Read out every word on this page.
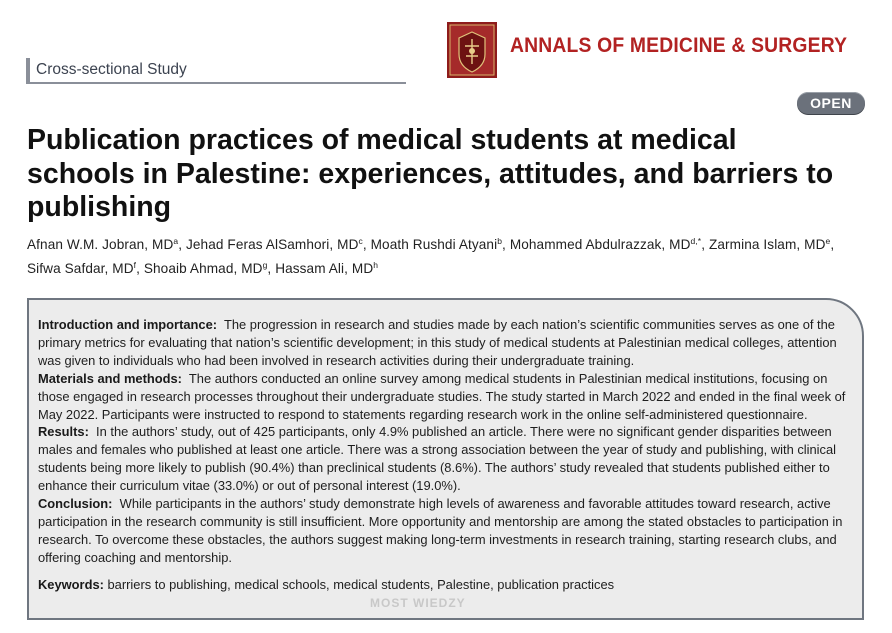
Cross-sectional Study
ANNALS OF MEDICINE & SURGERY
OPEN
Publication practices of medical students at medical schools in Palestine: experiences, attitudes, and barriers to publishing
Afnan W.M. Jobran, $MD^a$, Jehad Feras AlSamhori, $MD^c$, Moath Rushdi Atyani$^b$, Mohammed Abdulrazzak, $MD^{d,*}$, Zarmina Islam, MDe, Sifwa Safdar, $MD^f$, Shoaib Ahmad, $MD^g$, Hassam Ali, $MD^h$

Introduction and importance: The progression in research and studies made by each nation’s scientific communities serves as one of the primary metrics for evaluating that nation’s scientific development; in this study of medical students at Palestinian medical colleges, attention was given to individuals who had been involved in research activities during their undergraduate training.

Materials and methods: The authors conducted an online survey among medical students in Palestinian medical institutions, focusing on those engaged in research processes throughout their undergraduate studies. The study started in March 2022 and ended in the final week of May 2022. Participants were instructed to respond to statements regarding research work in the online self-administered questionnaire.

Results: In the authors’ study, out of 425 participants, only 4.9% published an article. There were no significant gender disparities between males and females who published at least one article. There was a strong association between the year of study and publishing, with clinical students being more likely to publish (90.4%) than preclinical students (8.6%). The authors’ study revealed that students published either to enhance their curriculum vitae (33.0%) or out of personal interest (19.0%).

Conclusion: While participants in the authors’ study demonstrate high levels of awareness and favorable attitudes toward research, active participation in the research community is still insufficient. More opportunity and mentorship are among the stated obstacles to participation in research. To overcome these obstacles, the authors suggest making long-term investments in research training, starting research clubs, and offering coaching and mentorship.

Keywords: barriers to publishing, medical schools, medical students, Palestine, publication practices

MOST WIEDZY
